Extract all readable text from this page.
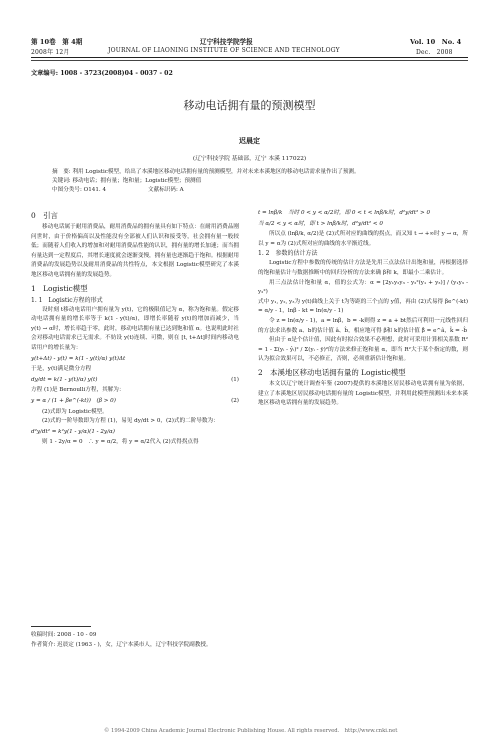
第 10卷　第 4期	辽宁科技学院学报	Vol. 10　No. 4
2008年 12月	JOURNAL OF LIAONING INSTITUTE OF SCIENCE AND TECHNOLOGY	Dec.　2008
文章编号: 1008 - 3723(2008)04 - 0037 - 02
移动电话拥有量的预测模型
迟晨定
(辽宁科技学院 基础部，辽宁 本溪 117022)
摘　要: 利用 Logistic模型，给出了本溪地区移动电话拥有量的预测模型，并对未来本溪地区的移动电话需求量作出了预测。
关键词: 移动电话；拥有量；饱和量；Logistic模型；预测值
中图分类号: O141. 4	文献标识码: A

0　引言

移动电话属于耐用消费品，耐用消费品的拥有量具有如下特点：在耐用消费品刚问世时，由于价格偏高以及性能没有全部被人们认识和接受等，社会拥有量一般较低；而随着人们收入的增加和对耐用消费品性能的认识，拥有量的增长加速；而当拥有量达到一定程度后，其增长速度就会逐渐变慢，拥有量也逐渐趋于饱和。根据耐用消费品的发展趋势以及耐用消费品的共性特点，本文根据 Logistic模型研究了本溪地区移动电话拥有量的发展趋势。

1　Logistic模型

1. 1　Logistic方程的形式

设时刻 t移动电话用户拥有量为 y(t)，它的极限值记为 α，称为饱和量。假定移动电话拥有量的增长率等于 k(1 - y(t)/α)，即增长率随着 y(t)的增加而减少，当 y(t) → α时，增长率趋于零，此时，移动电话拥有量已达到饱和值 α。也说明此时社会对移动电话需求已无需求。不妨设 y(t)连续、可微，则在 [t, t+Δt]时间内移动电话用户的增长量为：

y(t+Δt) - y(t) = k(1 - y(t)/α) y(t)Δt

于是，y(t)满足微分方程

dy/dt = k(1 - y(t)/α) y(t)	(1)

方程 (1)是 Bernoulli方程，其解为：

y = α / (1 + βe^(-kt))　(β > 0)	(2)

(2)式即为 Logistic模型。

(2)式的一阶导数即为方程 (1)，易见 dy/dt > 0，(2)式的二阶导数为：

d²y/dt² = k²y(1 - y/α)(1 - 2y/α)

则 1 - 2y/α = 0　∴ y = α/2，将 y = α/2代入 (2)式得拐点得

收稿时间: 2008 - 10 - 09
作者简介: 迟晨定 (1963 - )，女，辽宁本溪市人，辽宁科技学院副教授。

t = lnβ/k　当时 0 < y < α/2时，即 0 < t < lnβ/k时，d²y/dt² > 0

当 α/2 < y < α时，即 t > lnβ/k时，d²y/dt² < 0

所以点 (lnβ/k, α/2)是 (2)式所对应的曲线的拐点，而又知 t → +∞时 y → α，所以 y = α为 (2)式所对应的曲线的水平渐近线。

1. 2　参数的估计方法

Logistic方程中参数的传统的估计方法是先用三点法估计出饱和量，再根据选择的饱和量估计与数据推断中的回归分析的方法来确 β和 k，即最小二乘估计。

用三点法估计饱和量 α，值的公式为：α = [2y₁y₂y₃ - y₂²(y₁ + y₃)] / (y₁y₃ - y₂²)

式中 y₁, y₂, y₃为 y(t)曲线上关于 t为等距的三个点的 y值，再由 (2)式易得 βe^(-kt) = α/y - 1，lnβ - kt = ln(α/y - 1)

令 z = ln(α/y - 1)，a = lnβ，b = -k则得 z = a + bt然后可利用一元线性回归的方法求出参数 a、b的估计值 â、b̂，相应地可得 β和 k的估计值 β̂ = e^â，k̂ = -b̂

但由于 α是个估计值，因此有时拟合效果不必理想，此时可采用计算相关系数 R² = 1 - Σ(yᵢ - ŷᵢ)² / Σ(yᵢ - ȳ)²的方法来修正饱和量 α，即当 R²大于某个指定的数，则认为拟合效果可以，不必修正，否则，必须重新估计饱和量。

2　本溪地区移动电话拥有量的 Logistic模型

本文以辽宁统计调查年鉴 (2007)提供的本溪地区居民移动电话拥有量为依据，建立了本溪地区居民移动电话拥有量的 Logistic模型，并利用此模型预测出未来本溪地区移动电话拥有量的发展趋势。

© 1994-2009 China Academic Journal Electronic Publishing House. All rights reserved.　http://www.cnki.net
